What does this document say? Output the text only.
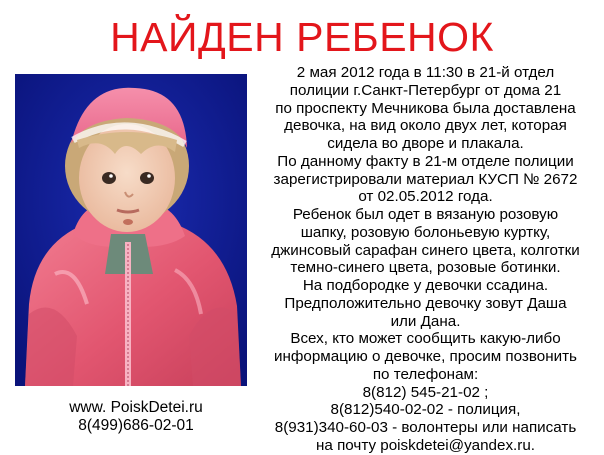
НАЙДЕН РЕБЕНОК
2 мая 2012 года в 11:30 в 21-й отдел
полиции г.Санкт-Петербург от дома 21
по проспекту Мечникова была доставлена
девочка, на вид около двух лет, которая
сидела во дворе и плакала.
По данному факту в 21-м отделе полиции
зарегистрировали материал КУСП № 2672
от 02.05.2012 года.
Ребенок был одет в вязаную розовую
шапку, розовую болоньевую куртку,
джинсовый сарафан синего цвета, колготки
темно-синего цвета, розовые ботинки.
На подбородке у девочки ссадина.
Предположительно девочку зовут Даша
или Дана.
Всех, кто может сообщить какую-либо
информацию о девочке, просим позвонить
по телефонам:
8(812) 545-21-02 ;
8(812)540-02-02 - полиция,
8(931)340-60-03 - волонтеры или написать
на почту poiskdetei@yandex.ru.
www. PoiskDetei.ru
8(499)686-02-01
